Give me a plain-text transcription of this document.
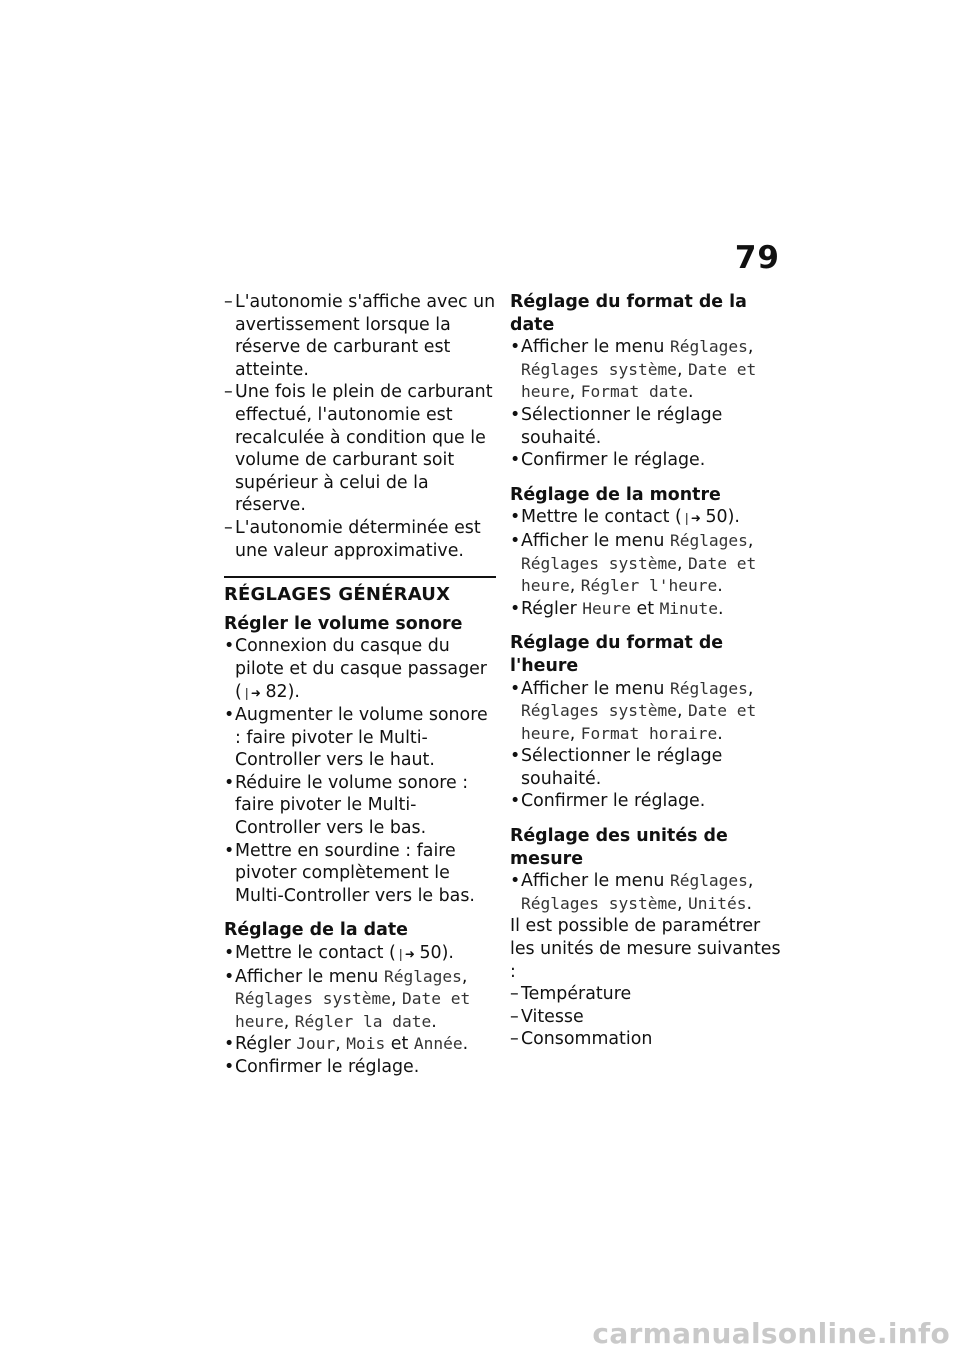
79
– L'autonomie s'affiche avec un avertissement lorsque la réserve de carburant est atteinte.
– Une fois le plein de carburant effectué, l'autonomie est recalculée à condition que le volume de carburant soit supérieur à celui de la réserve.
– L'autonomie déterminée est une valeur approximative.
RÉGLAGES GÉNÉRAUX
Régler le volume sonore
• Connexion du casque du pilote et du casque passager (❘➜ 82).
• Augmenter le volume sonore : faire pivoter le Multi-Controller vers le haut.
• Réduire le volume sonore : faire pivoter le Multi-Controller vers le bas.
• Mettre en sourdine : faire pivoter complètement le Multi-Controller vers le bas.
Réglage de la date
• Mettre le contact (❘➜ 50).
• Afficher le menu Réglages, Réglages système, Date et heure, Régler la date.
• Régler Jour, Mois et Année.
• Confirmer le réglage.
Réglage du format de la date
• Afficher le menu Réglages, Réglages système, Date et heure, Format date.
• Sélectionner le réglage souhaité.
• Confirmer le réglage.
Réglage de la montre
• Mettre le contact (❘➜ 50).
• Afficher le menu Réglages, Réglages système, Date et heure, Régler l'heure.
• Régler Heure et Minute.
Réglage du format de l'heure
• Afficher le menu Réglages, Réglages système, Date et heure, Format horaire.
• Sélectionner le réglage souhaité.
• Confirmer le réglage.
Réglage des unités de mesure
• Afficher le menu Réglages, Réglages système, Unités.
Il est possible de paramétrer les unités de mesure suivantes :
– Température
– Vitesse
– Consommation
carmanualsonline.info
